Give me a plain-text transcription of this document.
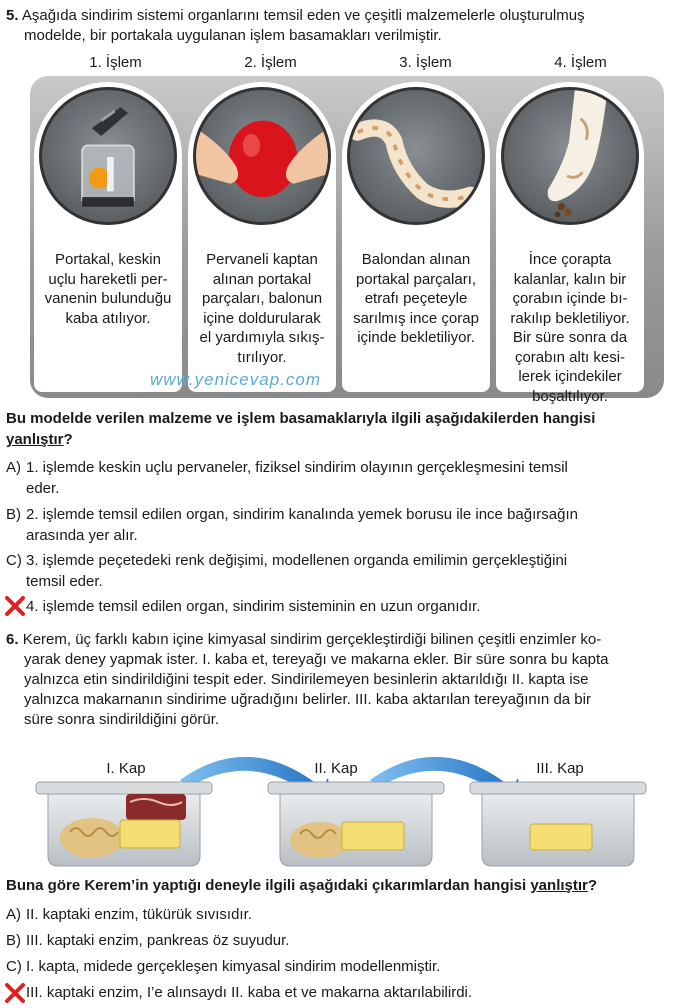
5. Aşağıda sindirim sistemi organlarını temsil eden ve çeşitli malzemelerle oluşturulmuş
modelde, bir portakala uygulanan işlem basamakları verilmiştir.
1. İşlem	2. İşlem	3. İşlem	4. İşlem
Portakal, keskin
uçlu hareketli per-
vanenin bulunduğu
kaba atılıyor.
Pervaneli kaptan
alınan portakal
parçaları, balonun
içine doldurularak
el yardımıyla sıkış-
tırılıyor.
Balondan alınan
portakal parçaları,
etrafı peçeteyle
sarılmış ince çorap
içinde bekletiliyor.
İnce çorapta
kalanlar, kalın bir
çorabın içinde bı-
rakılıp bekletiliyor.
Bir süre sonra da
çorabın altı kesi-
lerek içindekiler
boşaltılıyor.
www.yenicevap.com
Bu modelde verilen malzeme ve işlem basamaklarıyla ilgili aşağıdakilerden hangisi
yanlıştır?
A) 1. işlemde keskin uçlu pervaneler, fiziksel sindirim olayının gerçekleşmesini temsil
eder.
B) 2. işlemde temsil edilen organ, sindirim kanalında yemek borusu ile ince bağırsağın
arasında yer alır.
C) 3. işlemde peçetedeki renk değişimi, modellenen organda emilimin gerçekleştiğini
temsil eder.
4. işlemde temsil edilen organ, sindirim sisteminin en uzun organıdır.
6. Kerem, üç farklı kabın içine kimyasal sindirim gerçekleştirdiği bilinen çeşitli enzimler ko-
yarak deney yapmak ister. I. kaba et, tereyağı ve makarna ekler. Bir süre sonra bu kapta
yalnızca etin sindirildiğini tespit eder. Sindirilemeyen besinlerin aktarıldığı II. kapta ise
yalnızca makarnanın sindirime uğradığını belirler. III. kaba aktarılan tereyağının da bir
süre sonra sindirildiğini görür.
I. Kap	II. Kap	III. Kap
Buna göre Kerem’in yaptığı deneyle ilgili aşağıdaki çıkarımlardan hangisi yanlıştır?
A) II. kaptaki enzim, tükürük sıvısıdır.
B) III. kaptaki enzim, pankreas öz suyudur.
C) I. kapta, midede gerçekleşen kimyasal sindirim modellenmiştir.
III. kaptaki enzim, I’e alınsaydı II. kaba et ve makarna aktarılabilirdi.
